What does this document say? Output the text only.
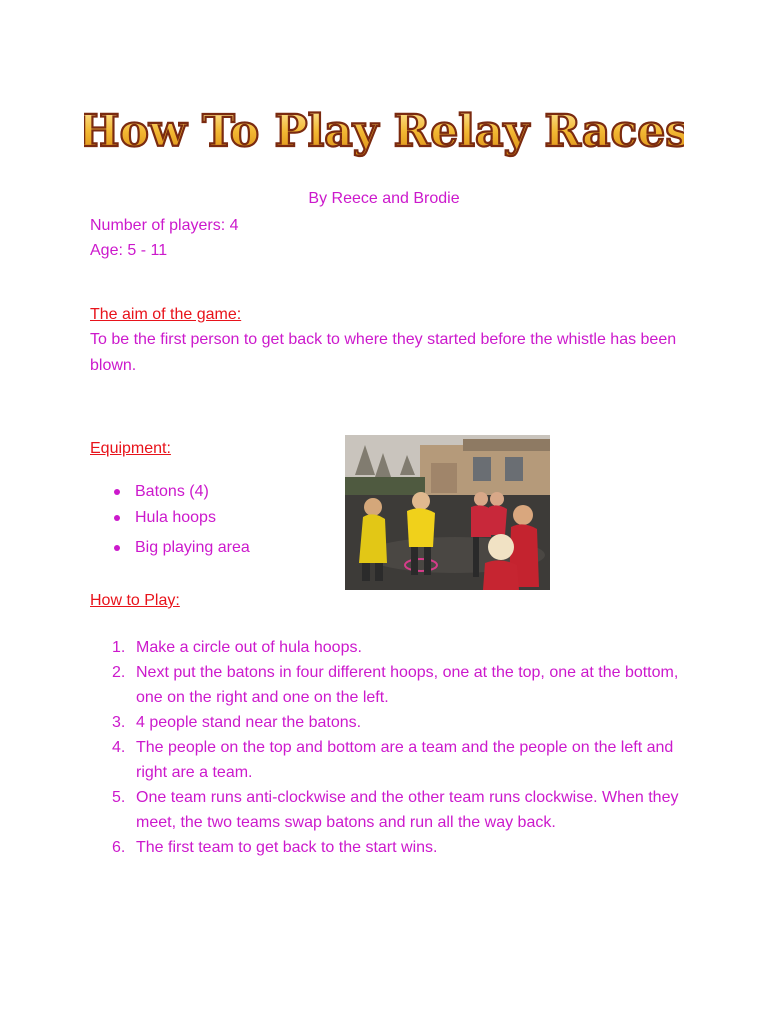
How To Play Relay Races
By Reece and Brodie
Number of players: 4
Age: 5 - 11
The aim of the game:
To be the first person to get back to where they started before the whistle has been blown.
Equipment:
Batons (4)
Hula hoops
Big playing area
How to Play:
1. Make a circle out of hula hoops.
2. Next put the batons in four different hoops, one at the top, one at the bottom, one on the right and one on the left.
3. 4 people stand near the batons.
4. The people on the top and bottom are a team and the people on the left and right are a team.
5. One team runs anti-clockwise and the other team runs clockwise. When they meet, the two teams swap batons and run all the way back.
6. The first team to get back to the start wins.
